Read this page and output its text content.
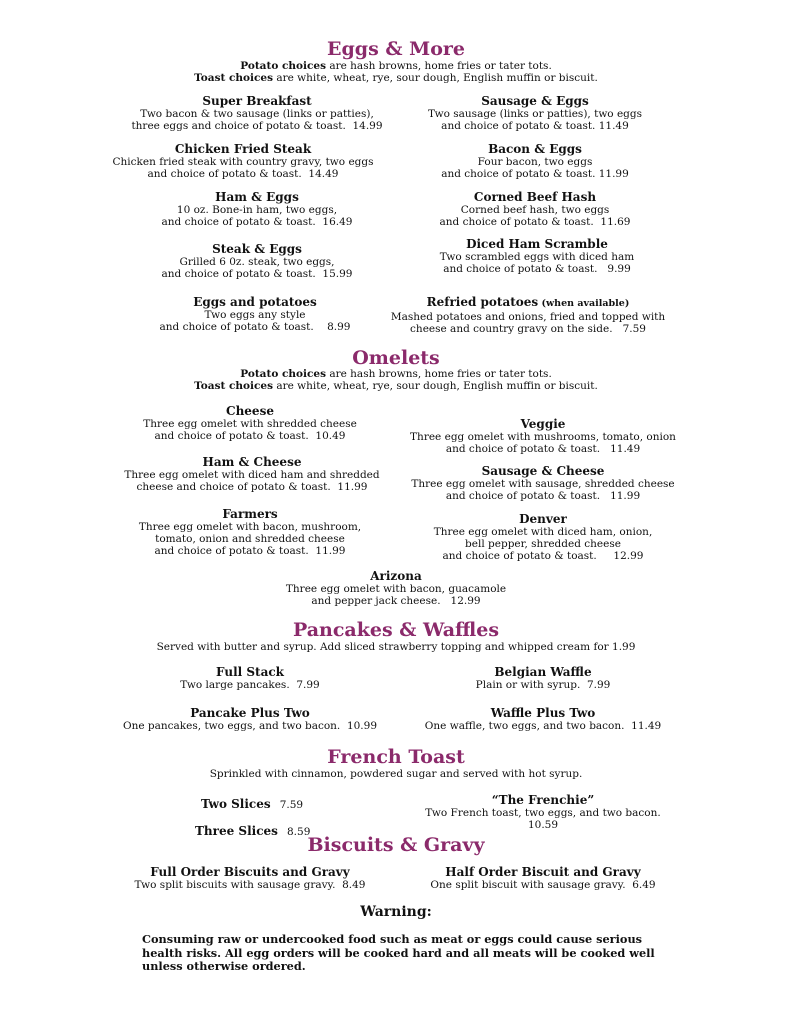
Eggs & More
Potato choices are hash browns, home fries or tater tots.
Toast choices are white, wheat, rye, sour dough, English muffin or biscuit.
Super Breakfast
Two bacon & two sausage (links or patties),
three eggs and choice of potato & toast.  14.99
Sausage & Eggs
Two sausage (links or patties), two eggs
and choice of potato & toast. 11.49
Chicken Fried Steak
Chicken fried steak with country gravy, two eggs
and choice of potato & toast.  14.49
Bacon & Eggs
Four bacon, two eggs
and choice of potato & toast. 11.99
Ham & Eggs
10 oz. Bone-in ham, two eggs,
and choice of potato & toast.  16.49
Corned Beef Hash
Corned beef hash, two eggs
and choice of potato & toast.  11.69
Steak & Eggs
Grilled 6 0z. steak, two eggs,
and choice of potato & toast.  15.99
Diced Ham Scramble
Two scrambled eggs with diced ham
and choice of potato & toast.   9.99
Eggs and potatoes
Two eggs any style
and choice of potato & toast.    8.99
Refried potatoes (when available)
Mashed potatoes and onions, fried and topped with
cheese and country gravy on the side.   7.59
Omelets
Potato choices are hash browns, home fries or tater tots.
Toast choices are white, wheat, rye, sour dough, English muffin or biscuit.
Cheese
Three egg omelet with shredded cheese
and choice of potato & toast.  10.49
Veggie
Three egg omelet with mushrooms, tomato, onion
and choice of potato & toast.   11.49
Ham & Cheese
Three egg omelet with diced ham and shredded
cheese and choice of potato & toast.  11.99
Sausage & Cheese
Three egg omelet with sausage, shredded cheese
and choice of potato & toast.   11.99
Farmers
Three egg omelet with bacon, mushroom,
tomato, onion and shredded cheese
and choice of potato & toast.  11.99
Denver
Three egg omelet with diced ham, onion,
bell pepper, shredded cheese
and choice of potato & toast.     12.99
Arizona
Three egg omelet with bacon, guacamole
and pepper jack cheese.   12.99
Pancakes & Waffles
Served with butter and syrup. Add sliced strawberry topping and whipped cream for 1.99
Full Stack
Two large pancakes.  7.99
Belgian Waffle
Plain or with syrup.  7.99
Pancake Plus Two
One pancakes, two eggs, and two bacon.  10.99
Waffle Plus Two
One waffle, two eggs, and two bacon.  11.49
French Toast
Sprinkled with cinnamon, powdered sugar and served with hot syrup.
Two Slices 7.59
Three Slices 8.59
“The Frenchie”
Two French toast, two eggs, and two bacon.
10.59
Biscuits & Gravy
Full Order Biscuits and Gravy
Two split biscuits with sausage gravy.  8.49
Half Order Biscuit and Gravy
One split biscuit with sausage gravy.  6.49
Warning:
Consuming raw or undercooked food such as meat or eggs could cause serious
health risks. All egg orders will be cooked hard and all meats will be cooked well
unless otherwise ordered.
